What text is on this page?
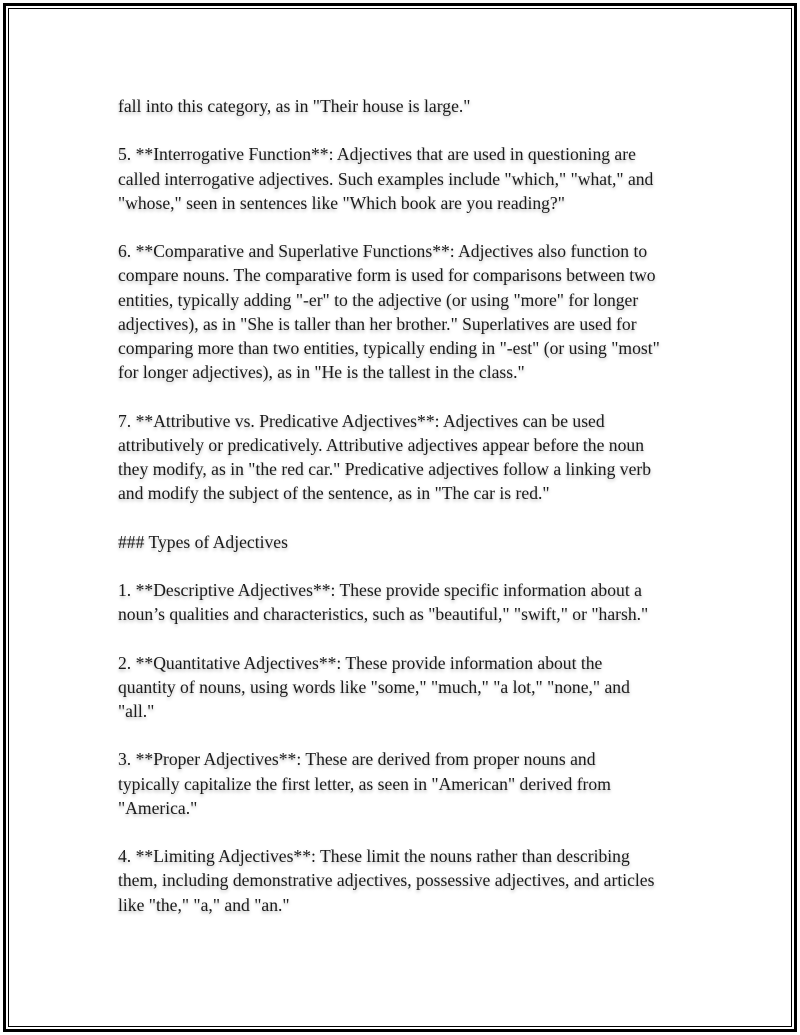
fall into this category, as in "Their house is large."

5. **Interrogative Function**: Adjectives that are used in questioning are
called interrogative adjectives. Such examples include "which," "what," and
"whose," seen in sentences like "Which book are you reading?"

6. **Comparative and Superlative Functions**: Adjectives also function to
compare nouns. The comparative form is used for comparisons between two
entities, typically adding "-er" to the adjective (or using "more" for longer
adjectives), as in "She is taller than her brother." Superlatives are used for
comparing more than two entities, typically ending in "-est" (or using "most"
for longer adjectives), as in "He is the tallest in the class."

7. **Attributive vs. Predicative Adjectives**: Adjectives can be used
attributively or predicatively. Attributive adjectives appear before the noun
they modify, as in "the red car." Predicative adjectives follow a linking verb
and modify the subject of the sentence, as in "The car is red."

### Types of Adjectives

1. **Descriptive Adjectives**: These provide specific information about a
noun’s qualities and characteristics, such as "beautiful," "swift," or "harsh."

2. **Quantitative Adjectives**: These provide information about the
quantity of nouns, using words like "some," "much," "a lot," "none," and
"all."

3. **Proper Adjectives**: These are derived from proper nouns and
typically capitalize the first letter, as seen in "American" derived from
"America."

4. **Limiting Adjectives**: These limit the nouns rather than describing
them, including demonstrative adjectives, possessive adjectives, and articles
like "the," "a," and "an."
